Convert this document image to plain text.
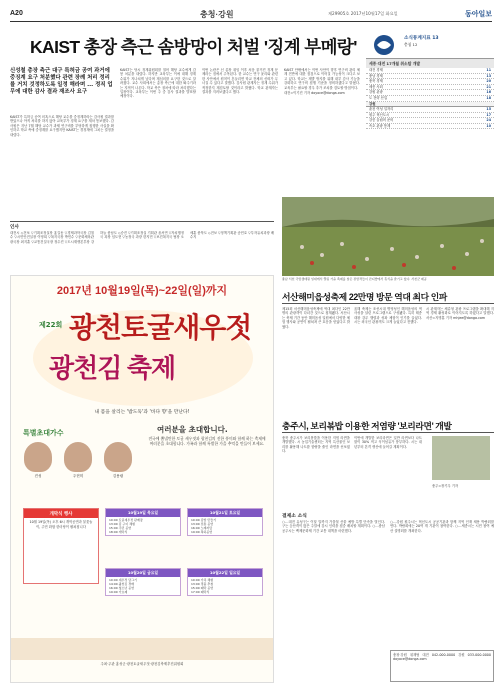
A20	충청·강원	제29905호 2017년10월17일 화요일	동아일보
KAIST 총장 측근 솜방망이 처벌 '징계 부메랑'
신성철 총장 측근 대구 특허금 공여 과거에 중징계 요구 처분했다 관련 장례 처리 정리를 거치 것정하도록 일정 해라며 ... 정직 업무에 대한 감사 결과 재조사 요구
KAIST가 특허금 공여 의혹으로 해당 교수를 중징계하라는 감사원 결과를 받았으나 아직 처리를 하지 않아 교육부가 징계 요구를 재차 통보했다. 감사원은 지난 7월 해당 교수가 과제 연구비를 부당하게 집행한 사실을 확인하고 학교 측에 중징계를 요구했지만 KAIST는 경징계에 그치는 결정을 내렸다.
KAIST는 당시 징계위원회를 열어 해당 교수에게 감봉 처분을 내렸다. 하지만 교육부는 이에 대해 징계 수위가 지나치게 낮다며 재심의를 요구한 것으로 알려졌다. 교수 사회에서는 총장 측근에 대한 봐주기라는 지적이 나온다. 학교 측은 절차에 따라 처리했다는 입장이다. 교육부는 이번 주 중 감사 결과를 발표할 예정이다.
이번 논란은 신 총장 취임 이후 처음 불거진 징계 문제라는 점에서 주목된다. 한 교수는 연구 윤리와 관련한 사안에서 원칙이 흔들리면 학교 전체의 신뢰가 무너질 수 있다고 말했다. 감사원 관계자는 징계 수위가 적정한지 재검토할 것이라고 밝혔다. 학교 관계자는 결과를 지켜보겠다고 했다.
KAIST 안팎에서는 이번 사안이 향후 연구비 관리 체계 전반에 대한 점검으로 이어질 가능성이 크다고 보고 있다. 학교는 재발 방지를 위해 내부 감사 기능을 강화하고 연구비 집행 기준을 정비하겠다고 밝혔다. 교육부는 필요할 경우 추가 조치를 검토할 방침이다.
대전=이기진 기자 doyoce@donga.com
소식통계지표 13
충청 12
세종·대전 17개월 취소탈 개발
대전 경제	11
충남 경제	13
충북 경제	20
세종 사회	21
강원 관광	16
도 전략 산업	18
강원
춘천 여성 일자리	15
원주 혁신도시	17
강릉 올림픽 준비	24
속초 관광 통계	10
인사
대전시 ◇전보 ▽기획조정실장 홍길동 ▽경제과학국장 김철수 ▽시민안전실장 이영희 ▽복지국장 박민수 ▽문화체육관광국장 최지훈 ▽교통건설국장 정수진 ▽도시재생본부장 강하늘 충남도 ◇승진 ▽기획조정실 기획관 윤서연 ▽자치행정국 과장 임도현 ▽농정국 과장 한지민 ▽보건복지국 팀장 오세훈 충북도 ◇전보 ▽정책기획관 송민호 ▽투자유치과장 배수지
충남 서천 국립생태원 일대에서 열린 가을 축제를 찾은 관람객들이 잔디밭에서 휴식을 즐기고 있다. 서천군 제공
2017년 10월19일(목)~22일(일)까지
제22회 광천토굴새우젓
광천김 축제
내 몸을 살리는 '밥도둑'과 '바다 향'을 만난다!
특별초대가수
진성	주현미	김용림
여러분을 초대합니다.
전국에 뽐낼만한 토굴 새우젓과 광천김의 진한 풍미와 함께 하는 축제에 여러분을 초대합니다. 가족과 함께 특별한 가을 추억을 만들어 보세요.
개막식 행사
10월 19일(목) 오후 6시 개막공연과 불꽃놀이, 주민 화합 한마당이 펼쳐집니다
10월19일 목요일
10:00 토굴새우젓 판매장
13:00 김 구이 체험
15:00 주민 공연
18:00 개막식
10월21일 토요일
10:00 김밥 만들기
13:00 전통 공연
16:00 노래자랑
19:00 축하공연
10월20일 금요일
10:00 새우젓 담그기
14:00 광천김 경매
16:00 청소년 공연
19:00 가요제
10월22일 일요일
10:00 가족 체험
13:00 경품 추첨
15:00 폐막 공연
17:00 폐막식
주최·주관 홍성군·광천토굴새우젓·광천김축제추진위원회
서산해미읍성축제 22만명 방문 역대 최다 인파
제15회 서산해미읍성축제에 역대 최다인 22만 명의 관광객이 다녀간 것으로 집계됐다. 서산시는 축제 기간 동안 해미읍성 일원에서 다양한 체험 행사와 공연이 펼쳐져 큰 호응을 얻었다고 밝혔다.
올해 축제는 조선시대 병영성인 해미읍성의 역사성을 살린 프로그램으로 구성됐다. 특히 태종대왕 강무 행렬과 성곽 체험이 인기를 끌었다. 시는 외국인 관광객도 크게 늘었다고 전했다.
시 관계자는 체류형 관광 프로그램을 확대해 지역 경제 활성화로 이어지도록 하겠다고 말했다. 서산=지명훈 기자 mhjee@donga.com
충주시, 보리볶밥 이용한 저염량 '보리라면' 개발
충북 충주시가 보리볶밥을 이용한 저염 라면을 개발했다. 시 농업기술센터는 지역 특산물인 보리를 활용해 나트륨 함량을 줄인 라면을 선보였다.
이번에 개발한 보리라면은 일반 라면보다 나트륨이 30% 적고 식이섬유가 풍부하다. 시는 내년부터 본격 생산에 들어갈 계획이다.
충주=장기우 기자
결제소 소식
○…대전 유성구는 이달 말까지 가을철 산불 예방 특별 단속을 벌인다. 구는 등산객이 많은 주말에 감시 인력을 집중 배치할 계획이다. ○…충남 공주시는 백제문화제 기간 교통 대책을 마련했다.
○…강원 원주시는 혁신도시 공공기관과 함께 지역 인재 채용 박람회를 연다. 박람회에는 20여 개 기관이 참여한다. ○…세종시는 시민 참여 예산 설명회를 개최한다.
충청·강원 취재팀 대전 042-000-0000 강원 033-000-0000 doyoce@donga.com
